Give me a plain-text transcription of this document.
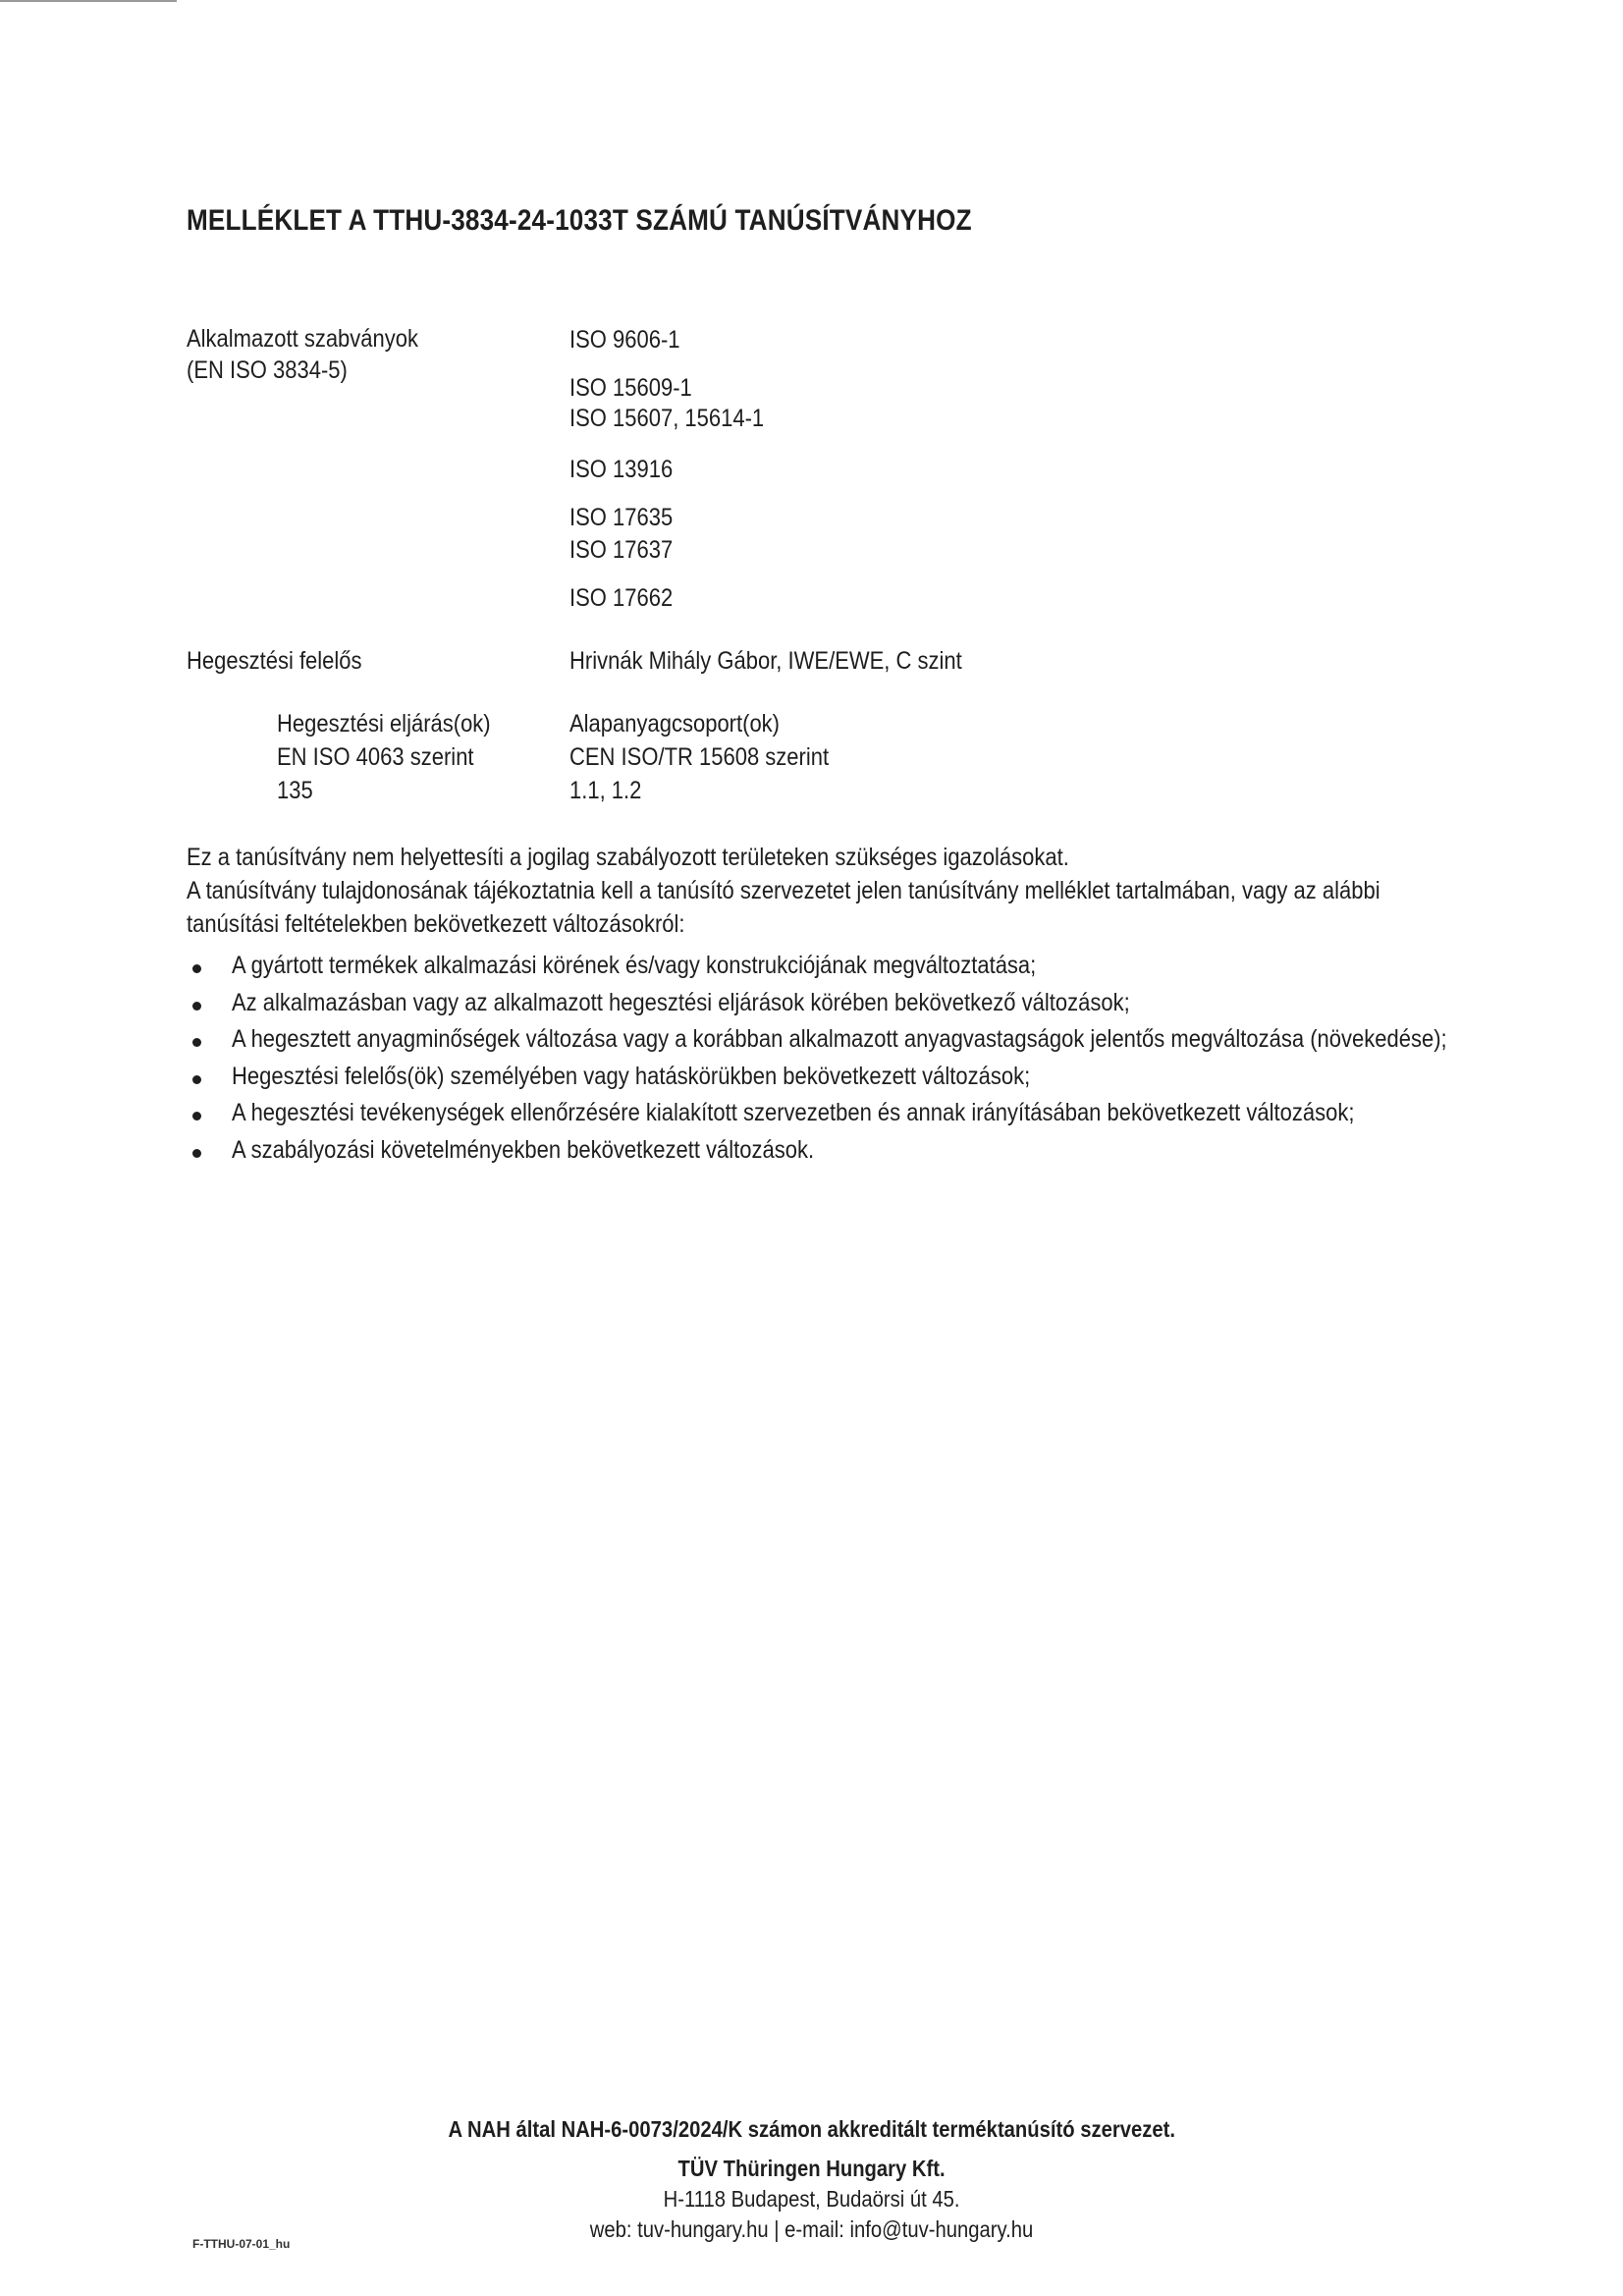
MELLÉKLET A TTHU-3834-24-1033T SZÁMÚ TANÚSÍTVÁNYHOZ
Alkalmazott szabványok
(EN ISO 3834-5)
ISO 9606-1
ISO 15609-1
ISO 15607, 15614-1
ISO 13916
ISO 17635
ISO 17637
ISO 17662
Hegesztési felelős	Hrivnák Mihály Gábor, IWE/EWE, C szint
Hegesztési eljárás(ok)
EN ISO 4063 szerint
135
Alapanyagcsoport(ok)
CEN ISO/TR 15608 szerint
1.1, 1.2
Ez a tanúsítvány nem helyettesíti a jogilag szabályozott területeken szükséges igazolásokat.
A tanúsítvány tulajdonosának tájékoztatnia kell a tanúsító szervezetet jelen tanúsítvány melléklet tartalmában, vagy az alábbi
tanúsítási feltételekben bekövetkezett változásokról:
A gyártott termékek alkalmazási körének és/vagy konstrukciójának megváltoztatása;
Az alkalmazásban vagy az alkalmazott hegesztési eljárások körében bekövetkező változások;
A hegesztett anyagminőségek változása vagy a korábban alkalmazott anyagvastagságok jelentős megváltozása (növekedése);
Hegesztési felelős(ök) személyében vagy hatáskörükben bekövetkezett változások;
A hegesztési tevékenységek ellenőrzésére kialakított szervezetben és annak irányításában bekövetkezett változások;
A szabályozási követelményekben bekövetkezett változások.
A NAH által NAH-6-0073/2024/K számon akkreditált terméktanúsító szervezet.
TÜV Thüringen Hungary Kft.
H-1118 Budapest, Budaörsi út 45.
web: tuv-hungary.hu | e-mail: info@tuv-hungary.hu
F-TTHU-07-01_hu
